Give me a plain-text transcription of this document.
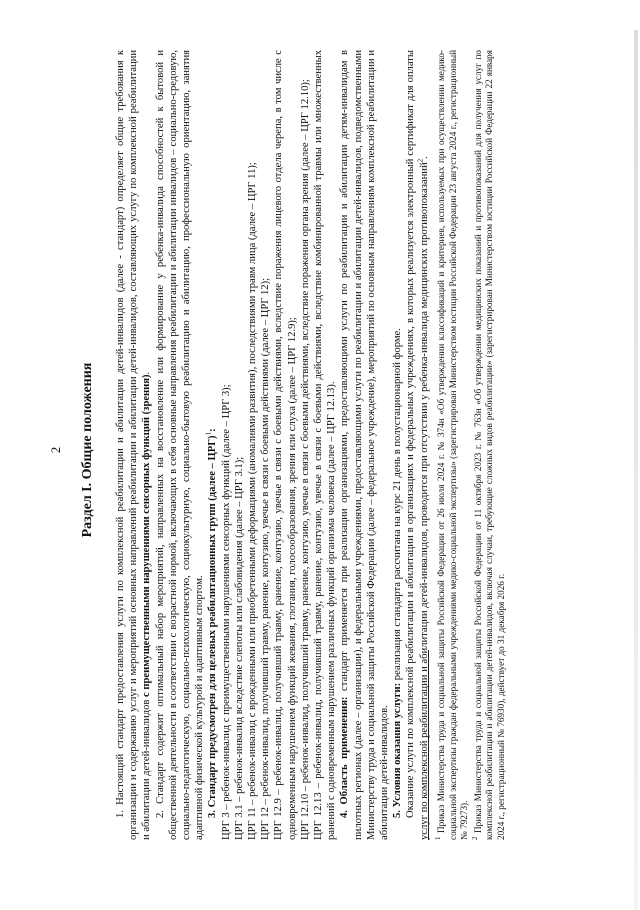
2 Раздел I. Общие положения 1. Настоящий стандарт предоставления услуги по комплексной реабилитации и абилитации детей-инвалидов (далее - стандарт) определяет общие требования к организации и содержанию услуг и мероприятий основных направлений реабилитации и абилитации детей-инвалидов, составляющих услугу по комплексной реабилитации и абилитации детей-инвалидов с преимущественными нарушениями сенсорных функций (зрения). 2. Стандарт содержит оптимальный набор мероприятий, направленных на восстановление или формирование у ребенка-инвалида способностей к бытовой и общественной деятельности в соответствии с возрастной нормой, включающих в себя основные направления реабилитации и абилитации инвалидов – социально-средовую, социально-педагогическую, социально-психологическую, социокультурную, социально-бытовую реабилитацию и абилитацию, профессиональную ориентацию, занятия адаптивной физической культурой и адаптивным спортом. 3. Стандарт предусмотрен для целевых реабилитационных групп (далее – ЦРГ)$^1$: ЦРГ 3 – ребенок-инвалид с преимущественными нарушениями сенсорных функций (далее – ЦРГ 3); ЦРГ 3.1 – ребенок-инвалид вследствие слепоты или слабовидения (далее – ЦРГ 3.1); ЦРГ 11 – ребенок-инвалид с врожденными или приобретенными деформациями (аномалиями развития), последствиями травм лица (далее – ЦРГ 11); ЦРГ 12 – ребенок-инвалид, получивший травму, ранение, контузию, увечье в связи с боевыми действиями (далее – ЦРГ 12); ЦРГ 12.9 – ребенок-инвалид, получивший травму, ранение, контузию, увечье в связи с боевыми действиями, вследствие поражения лицевого отдела черепа, в том числе с одновременным нарушением функций жевания, глотания, голосообразования, зрения или слуха (далее – ЦРГ 12.9); ЦРГ 12.10 – ребенок-инвалид, получивший травму, ранение, контузию, увечье в связи с боевыми действиями, вследствие поражения органа зрения (далее – ЦРГ 12.10); ЦРГ 12.13 – ребенок-инвалид, получивший травму, ранение, контузию, увечье в связи с боевыми действиями, вследствие комбинированной травмы или множественных ранений с одновременным нарушением различных функций организма человека (далее – ЦРГ 12.13). 4. Область применения: стандарт применяется при реализации организациями, предоставляющими услуги по реабилитации и абилитации детям-инвалидам в пилотных регионах (далее – организации), и федеральными учреждениями, предоставляющими услуги по реабилитации и абилитации детей-инвалидов, подведомственными Министерству труда и социальной защиты Российской Федерации (далее – федеральное учреждение), мероприятий по основным направлениям комплексной реабилитации и абилитации детей-инвалидов. 5. Условия оказания услуги: реализация стандарта рассчитана на курс 21 день в полустационарной форме. Оказание услуги по комплексной реабилитации и абилитации в организациях и федеральных учреждениях, в которых реализуется электронный сертификат для оплаты услуг по комплексной реабилитации и абилитации детей-инвалидов, проводится при отсутствии у ребенка-инвалида медицинских противопоказаний$^2$.

$^1$ Приказ Министерства труда и социальной защиты Российской Федерации от 26 июля 2024 г. № 374н «Об утверждении классификаций и критериев, используемых при осуществлении медико-социальной экспертизы граждан федеральными учреждениями медико-социальной экспертизы» (зарегистрирован Министерством юстиции Российской Федерации 23 августа 2024 г., регистрационный № 79273). $^2$ Приказ Министерства труда и социальной защиты Российской Федерации от 11 октября 2023 г. № 763н «Об утверждении медицинских показаний и противопоказаний для получения услуг по комплексной реабилитации и абилитации детей-инвалидов, включая случаи, требующие сложных видов реабилитации» (зарегистрирован Министерством юстиции Российской Федерации 22 января 2024 г., регистрационный № 76930), действует до 31 декабря 2026 г.
